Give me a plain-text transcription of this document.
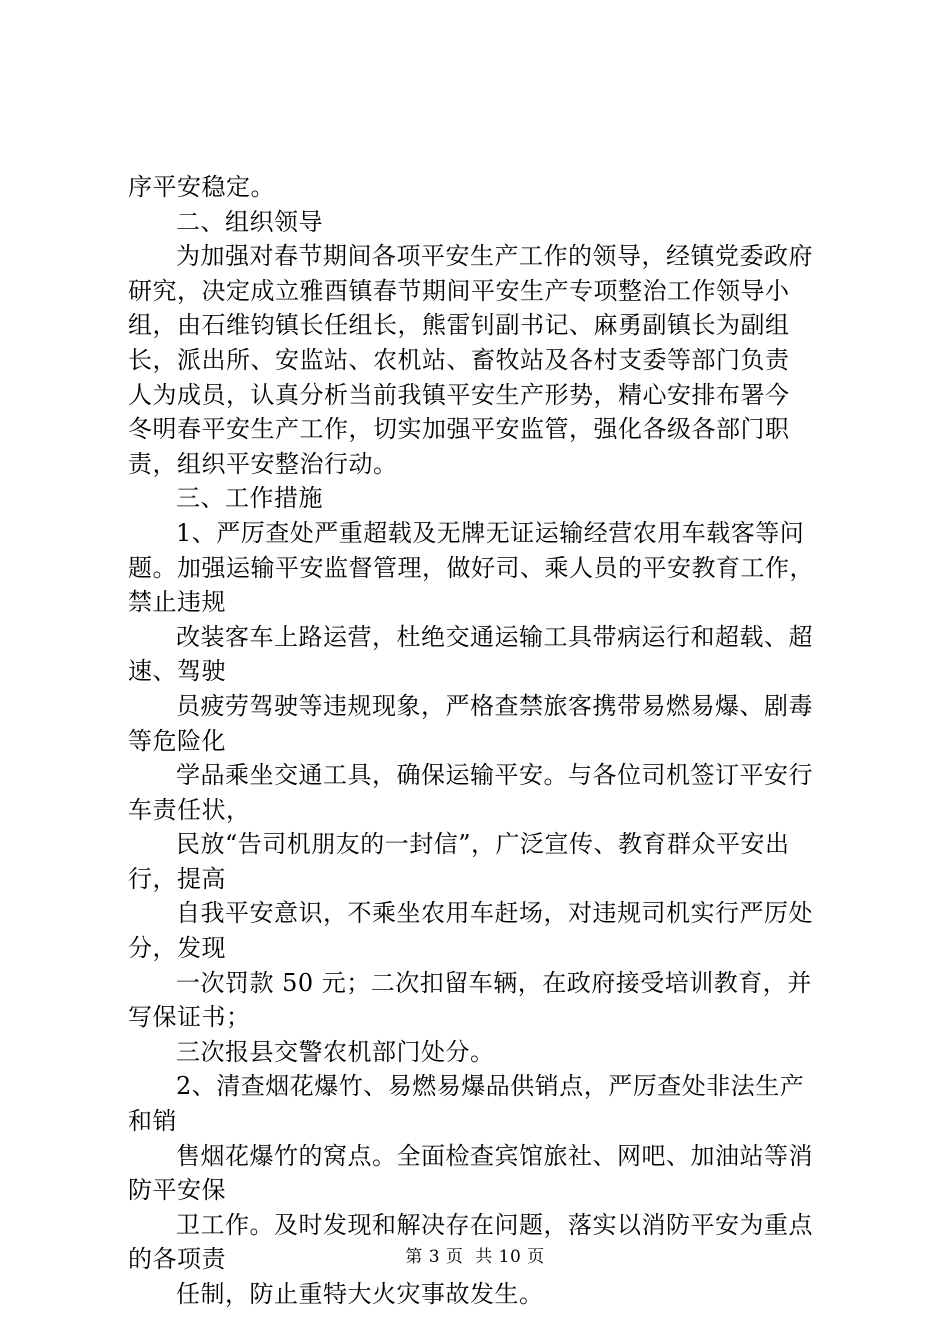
序平安稳定。
二、组织领导
为加强对春节期间各项平安生产工作的领导，经镇党委政府
研究，决定成立雅酉镇春节期间平安生产专项整治工作领导小
组，由石维钧镇长任组长，熊雷钊副书记、麻勇副镇长为副组
长，派出所、安监站、农机站、畜牧站及各村支委等部门负责
人为成员，认真分析当前我镇平安生产形势，精心安排布署今
冬明春平安生产工作，切实加强平安监管，强化各级各部门职
责，组织平安整治行动。
三、工作措施
1、严厉查处严重超载及无牌无证运输经营农用车载客等问
题。加强运输平安监督管理，做好司、乘人员的平安教育工作，
禁止违规
改装客车上路运营，杜绝交通运输工具带病运行和超载、超
速、驾驶
员疲劳驾驶等违规现象，严格查禁旅客携带易燃易爆、剧毒
等危险化
学品乘坐交通工具，确保运输平安。与各位司机签订平安行
车责任状，
民放“告司机朋友的一封信”，广泛宣传、教育群众平安出
行，提高
自我平安意识，不乘坐农用车赶场，对违规司机实行严厉处
分，发现
一次罚款 50 元；二次扣留车辆，在政府接受培训教育，并
写保证书；
三次报县交警农机部门处分。
2、清查烟花爆竹、易燃易爆品供销点，严厉查处非法生产
和销
售烟花爆竹的窝点。全面检查宾馆旅社、网吧、加油站等消
防平安保
卫工作。及时发现和解决存在问题，落实以消防平安为重点
的各项责
任制，防止重特大火灾事故发生。
第 3 页 共 10 页
